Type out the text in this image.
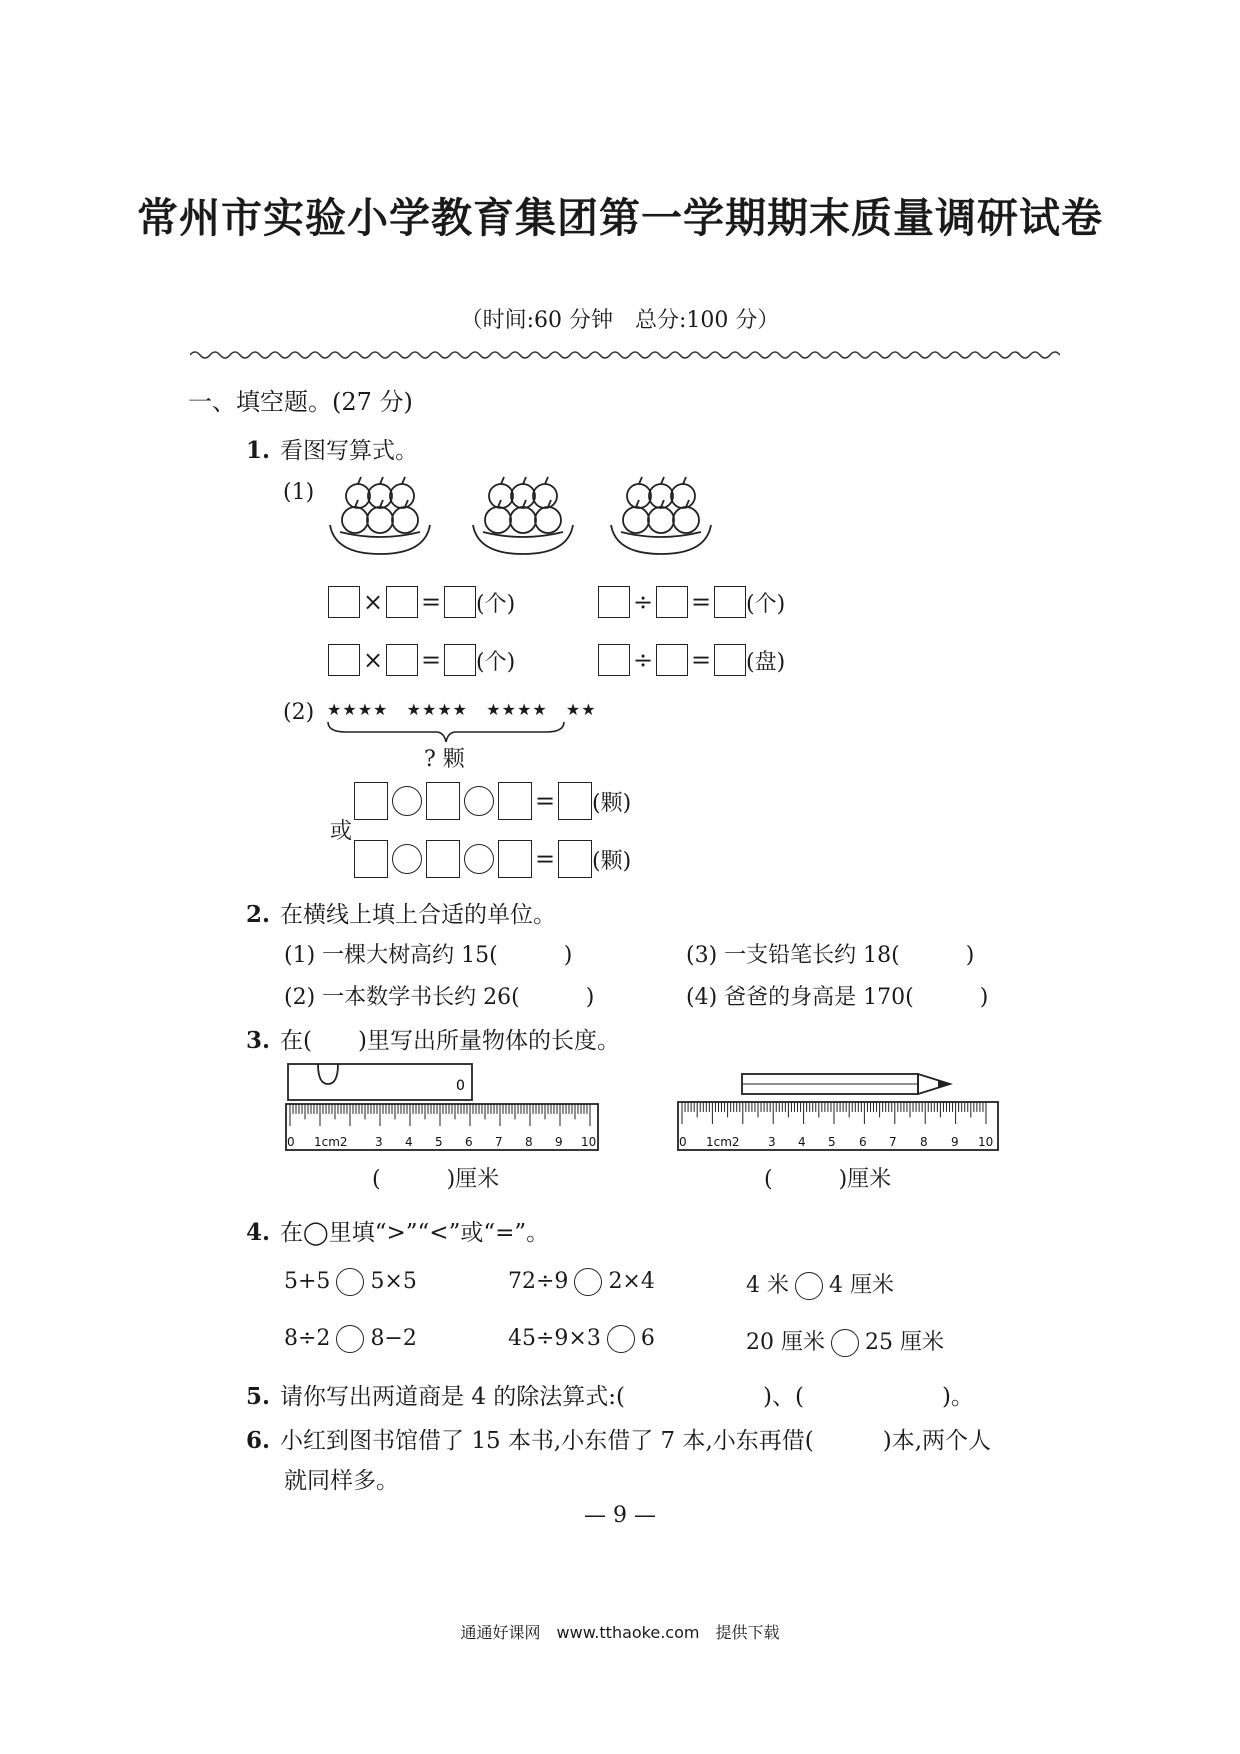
常州市实验小学教育集团第一学期期末质量调研试卷
（时间:60 分钟　总分:100 分）
一、填空题。(27 分)
1. 看图写算式。
(1)
× = (个)	÷ = (个)
× = (个)	÷ = (盘)
(2) ★★★★ ★★★★ ★★★★ ★★
? 颗
= (颗)
或
= (颗)
2. 在横线上填上合适的单位。
(1) 一棵大树高约 15(　　　)	(3) 一支铅笔长约 18(　　　)
(2) 一本数学书长约 26(　　　)	(4) 爸爸的身高是 170(　　　)
3. 在(　　)里写出所量物体的长度。
0
0 1cm2 3 4 5 6 7 8 9 10
(　　　)厘米
0 1cm2 3 4 5 6 7 8 9 10
(　　　)厘米
4. 在◯里填“>”“<”或“=”。
5+5 5×5	72÷9 2×4	4 米 4 厘米
8÷2 8−2	45÷9×3 6	20 厘米 25 厘米
5. 请你写出两道商是 4 的除法算式:(　　　　　　)、(　　　　　　)。
6. 小红到图书馆借了 15 本书,小东借了 7 本,小东再借(　　　)本,两个人
就同样多。
— 9 —
通通好课网　www.tthaoke.com　提供下载
